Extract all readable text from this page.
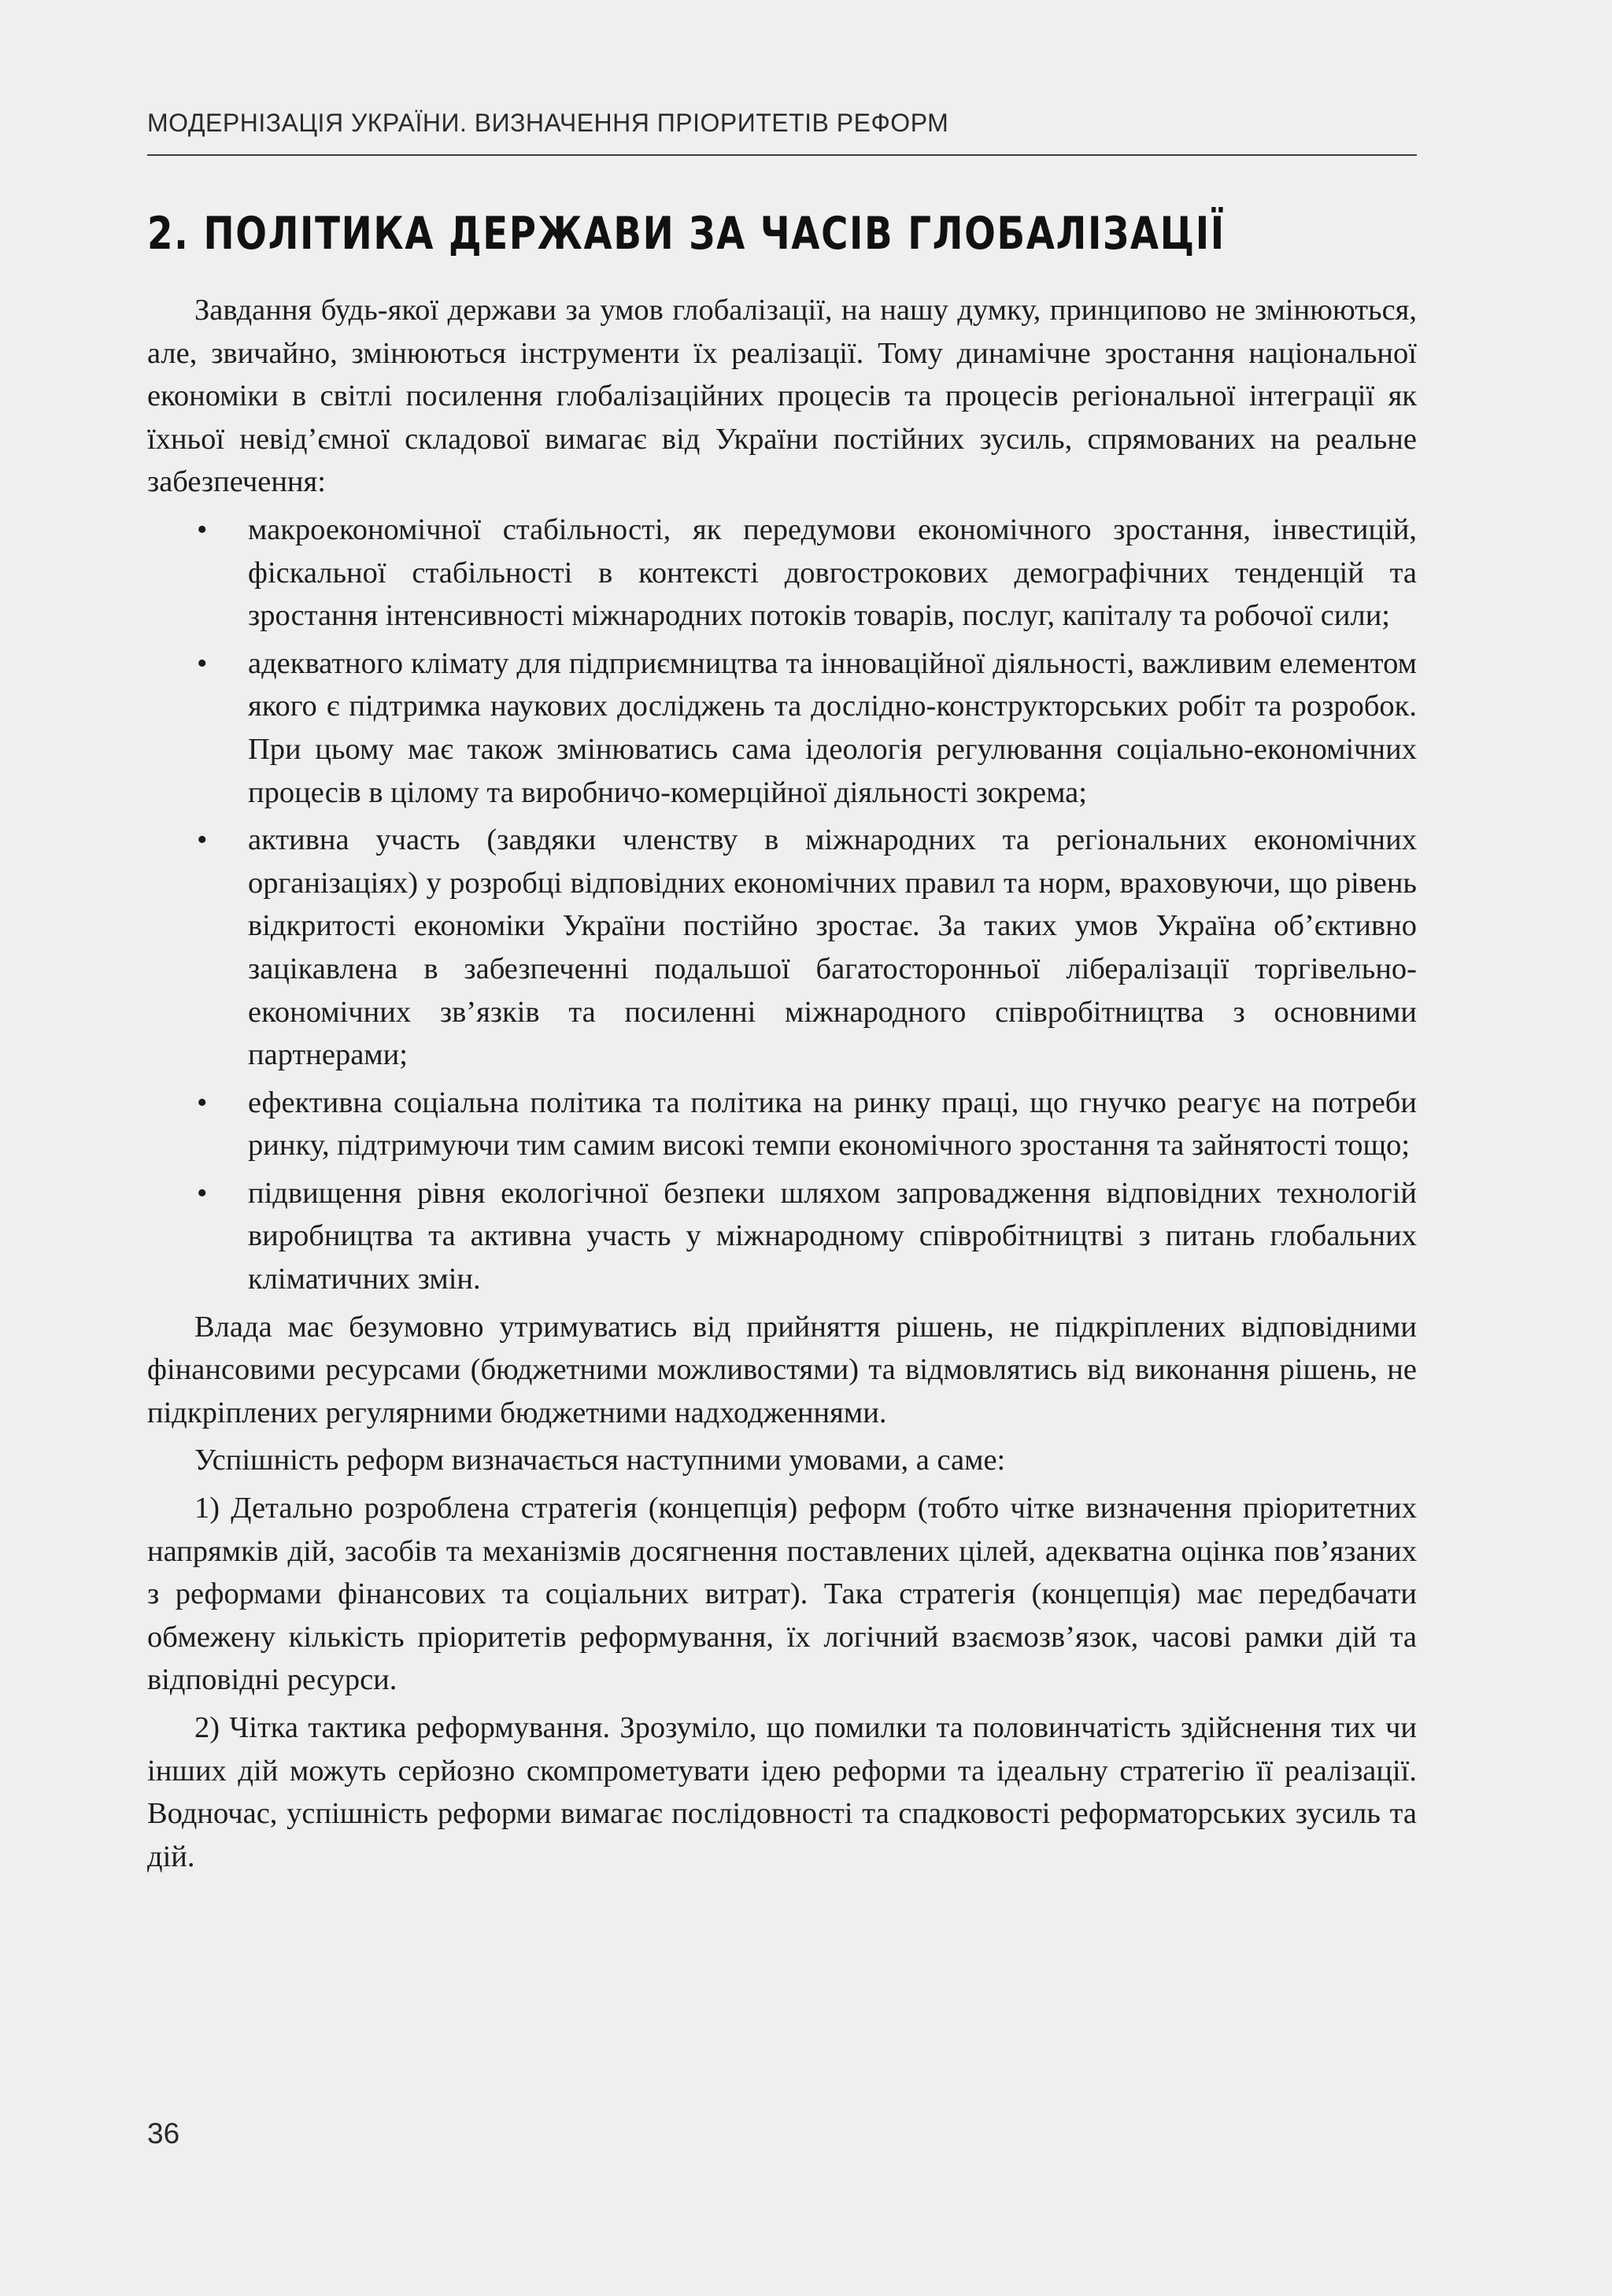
МОДЕРНІЗАЦІЯ УКРАЇНИ. ВИЗНАЧЕННЯ ПРІОРИТЕТІВ РЕФОРМ
2. ПОЛІТИКА ДЕРЖАВИ ЗА ЧАСІВ ГЛОБАЛІЗАЦІЇ

Завдання будь-якої держави за умов глобалізації, на нашу думку, принципово не змінюються, але, звичайно, змінюються інструменти їх реалізації. Тому динамічне зростання національної економіки в світлі посилення глобалізаційних процесів та процесів регіональної інтеграції як їхньої невід’ємної складової вимагає від України постійних зусиль, спрямованих на реальне забезпечення:

• макроекономічної стабільності, як передумови економічного зростання, інвестицій, фіскальної стабільності в контексті довгострокових демографічних тенденцій та зростання інтенсивності міжнародних потоків товарів, послуг, капіталу та робочої сили;
• адекватного клімату для підприємництва та інноваційної діяльності, важливим елементом якого є підтримка наукових досліджень та дослідно-конструкторських робіт та розробок. При цьому має також змінюватись сама ідеологія регулювання соціально-економічних процесів в цілому та виробничо-комерційної діяльності зокрема;
• активна участь (завдяки членству в міжнародних та регіональних економічних організаціях) у розробці відповідних економічних правил та норм, враховуючи, що рівень відкритості економіки України постійно зростає. За таких умов Україна об’єктивно зацікавлена в забезпеченні подальшої багатосторонньої лібералізації торгівельно-економічних зв’язків та посиленні міжнародного співробітництва з основними партнерами;
• ефективна соціальна політика та політика на ринку праці, що гнучко реагує на потреби ринку, підтримуючи тим самим високі темпи економічного зростання та зайнятості тощо;
• підвищення рівня екологічної безпеки шляхом запровадження відповідних технологій виробництва та активна участь у міжнародному співробітництві з питань глобальних кліматичних змін.

Влада має безумовно утримуватись від прийняття рішень, не підкріплених відповідними фінансовими ресурсами (бюджетними можливостями) та відмовлятись від виконання рішень, не підкріплених регулярними бюджетними надходженнями.

Успішність реформ визначається наступними умовами, а саме:

1) Детально розроблена стратегія (концепція) реформ (тобто чітке визначення пріоритетних напрямків дій, засобів та механізмів досягнення поставлених цілей, адекватна оцінка пов’язаних з реформами фінансових та соціальних витрат). Така стратегія (концепція) має передбачати обмежену кількість пріоритетів реформування, їх логічний взаємозв’язок, часові рамки дій та відповідні ресурси.

2) Чітка тактика реформування. Зрозуміло, що помилки та половинчатість здійснення тих чи інших дій можуть серйозно скомпрометувати ідею реформи та ідеальну стратегію її реалізації. Водночас, успішність реформи вимагає послідовності та спадковості реформаторських зусиль та дій.

36
